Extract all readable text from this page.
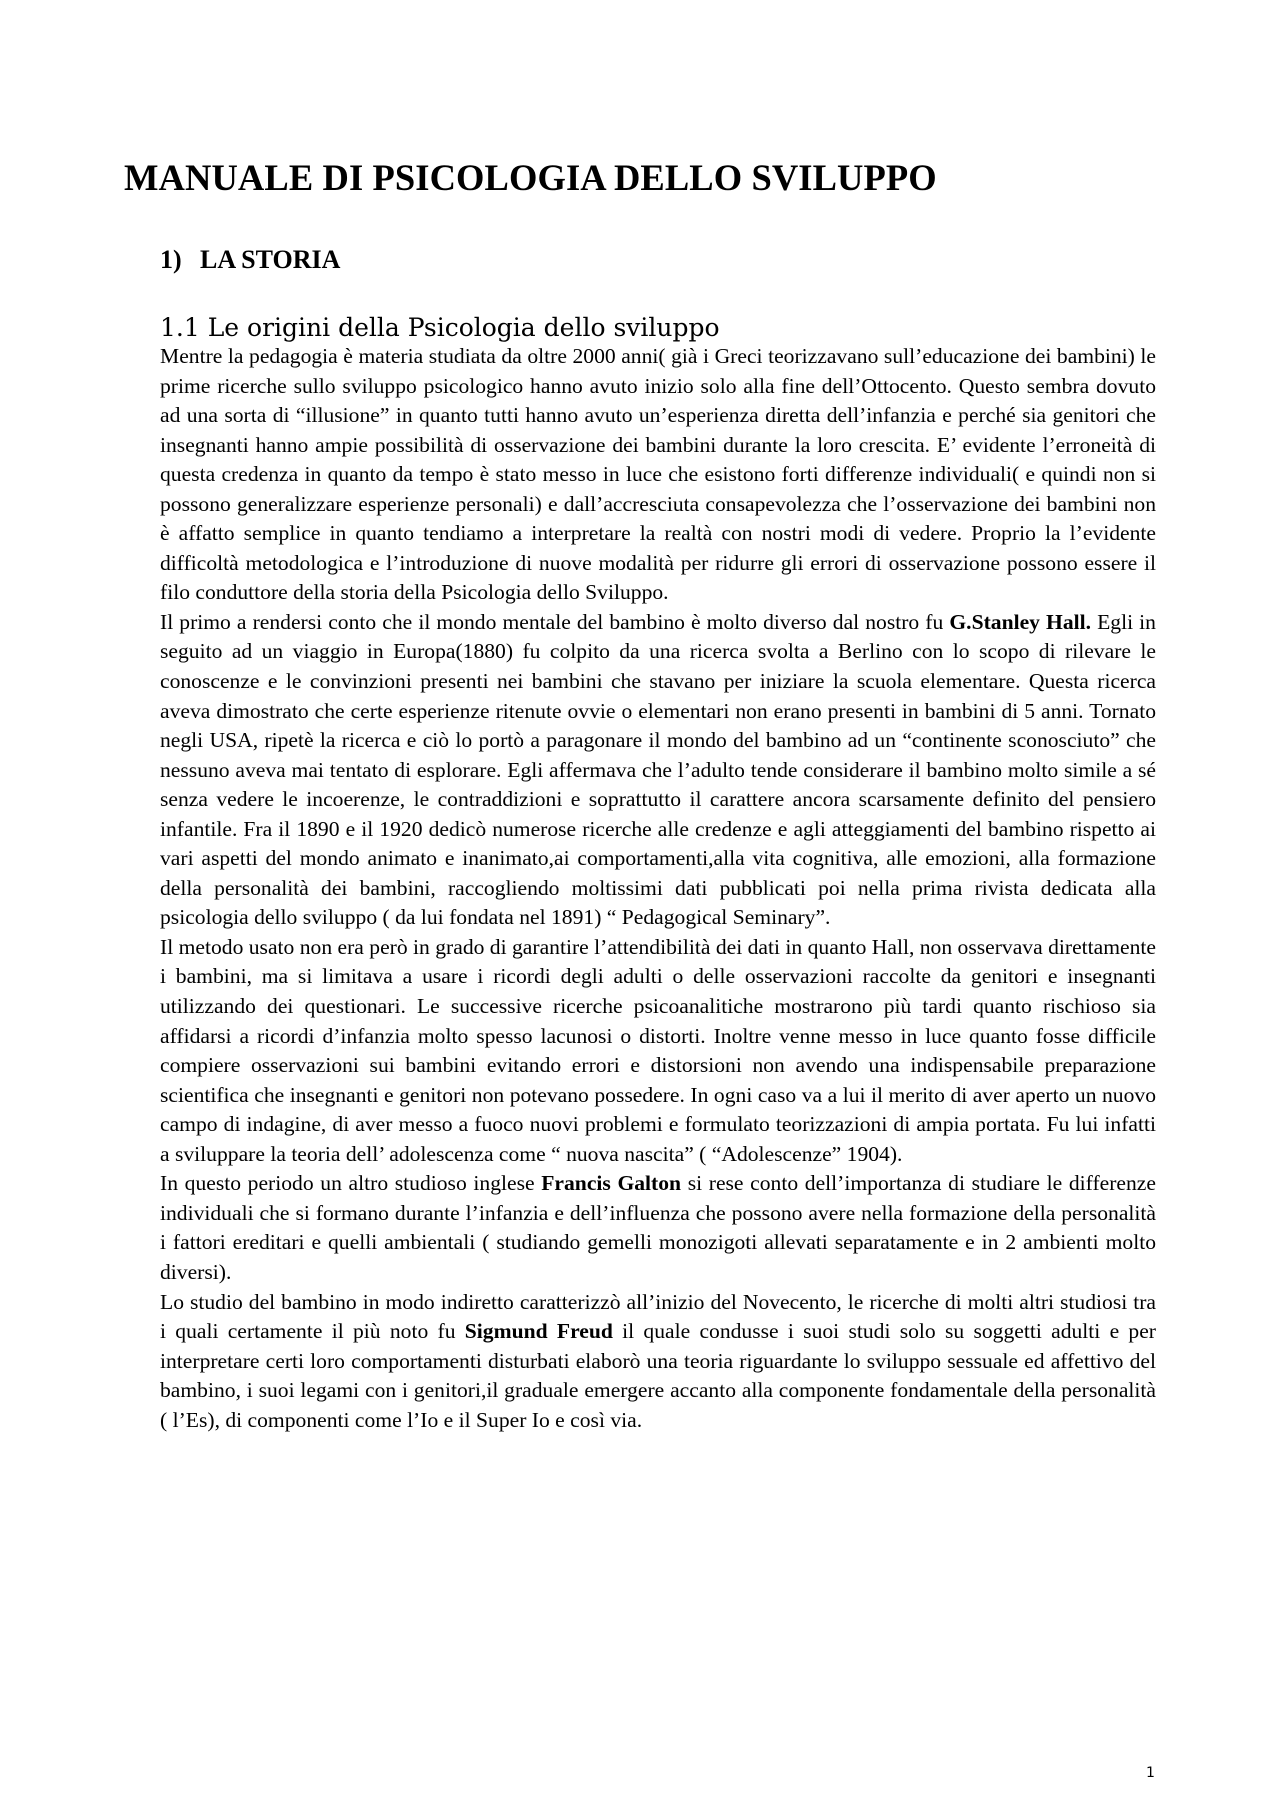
MANUALE DI PSICOLOGIA DELLO SVILUPPO
1) LA STORIA
1.1 Le origini della Psicologia dello sviluppo

Mentre la pedagogia è materia studiata da oltre 2000 anni( già i Greci teorizzavano sull’educazione dei bambini) le prime ricerche sullo sviluppo psicologico hanno avuto inizio solo alla fine dell’Ottocento. Questo sembra dovuto ad una sorta di “illusione” in quanto tutti hanno avuto un’esperienza diretta dell’infanzia e perché sia genitori che insegnanti hanno ampie possibilità di osservazione dei bambini durante la loro crescita. E’ evidente l’erroneità di questa credenza in quanto da tempo è stato messo in luce che esistono forti differenze individuali( e quindi non si possono generalizzare esperienze personali) e dall’accresciuta consapevolezza che l’osservazione dei bambini non è affatto semplice in quanto tendiamo a interpretare la realtà con nostri modi di vedere. Proprio la l’evidente difficoltà metodologica e l’introduzione di nuove modalità per ridurre gli errori di osservazione possono essere il filo conduttore della storia della Psicologia dello Sviluppo.

Il primo a rendersi conto che il mondo mentale del bambino è molto diverso dal nostro fu G.Stanley Hall. Egli in seguito ad un viaggio in Europa(1880) fu colpito da una ricerca svolta a Berlino con lo scopo di rilevare le conoscenze e le convinzioni presenti nei bambini che stavano per iniziare la scuola elementare. Questa ricerca aveva dimostrato che certe esperienze ritenute ovvie o elementari non erano presenti in bambini di 5 anni. Tornato negli USA, ripetè la ricerca e ciò lo portò a paragonare il mondo del bambino ad un “continente sconosciuto” che nessuno aveva mai tentato di esplorare. Egli affermava che l’adulto tende considerare il bambino molto simile a sé senza vedere le incoerenze, le contraddizioni e soprattutto il carattere ancora scarsamente definito del pensiero infantile. Fra il 1890 e il 1920 dedicò numerose ricerche alle credenze e agli atteggiamenti del bambino rispetto ai vari aspetti del mondo animato e inanimato,ai comportamenti,alla vita cognitiva, alle emozioni, alla formazione della personalità dei bambini, raccogliendo moltissimi dati pubblicati poi nella prima rivista dedicata alla psicologia dello sviluppo ( da lui fondata nel 1891) “ Pedagogical Seminary”.

Il metodo usato non era però in grado di garantire l’attendibilità dei dati in quanto Hall, non osservava direttamente i bambini, ma si limitava a usare i ricordi degli adulti o delle osservazioni raccolte da genitori e insegnanti utilizzando dei questionari. Le successive ricerche psicoanalitiche mostrarono più tardi quanto rischioso sia affidarsi a ricordi d’infanzia molto spesso lacunosi o distorti. Inoltre venne messo in luce quanto fosse difficile compiere osservazioni sui bambini evitando errori e distorsioni non avendo una indispensabile preparazione scientifica che insegnanti e genitori non potevano possedere. In ogni caso va a lui il merito di aver aperto un nuovo campo di indagine, di aver messo a fuoco nuovi problemi e formulato teorizzazioni di ampia portata. Fu lui infatti a sviluppare la teoria dell’ adolescenza come “ nuova nascita” ( “Adolescenze” 1904).

In questo periodo un altro studioso inglese Francis Galton si rese conto dell’importanza di studiare le differenze individuali che si formano durante l’infanzia e dell’influenza che possono avere nella formazione della personalità i fattori ereditari e quelli ambientali ( studiando gemelli monozigoti allevati separatamente e in 2 ambienti molto diversi).

Lo studio del bambino in modo indiretto caratterizzò all’inizio del Novecento, le ricerche di molti altri studiosi tra i quali certamente il più noto fu Sigmund Freud il quale condusse i suoi studi solo su soggetti adulti e per interpretare certi loro comportamenti disturbati elaborò una teoria riguardante lo sviluppo sessuale ed affettivo del bambino, i suoi legami con i genitori,il graduale emergere accanto alla componente fondamentale della personalità ( l’Es), di componenti come l’Io e il Super Io e così via.

1
